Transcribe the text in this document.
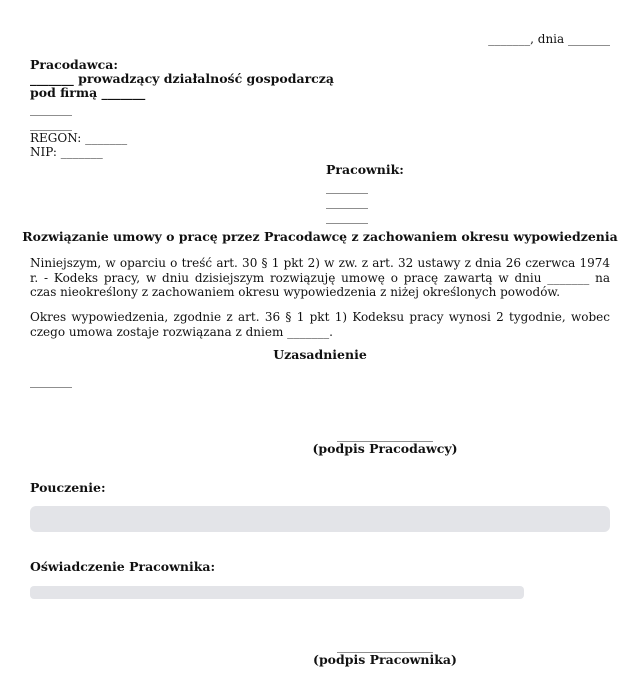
_______, dnia _______
Pracodawca:
_______ prowadzący działalność gospodarczą
pod firmą _______
_______
_______
REGON: _______
NIP: _______
Pracownik:
_______
_______
_______
Rozwiązanie umowy o pracę przez Pracodawcę z zachowaniem okresu wypowiedzenia
Niniejszym, w oparciu o treść art. 30 § 1 pkt 2) w zw. z art. 32 ustawy z dnia 26 czerwca 1974 r. - Kodeks pracy, w dniu dzisiejszym rozwiązuję umowę o pracę zawartą w dniu _______ na czas nieokreślony z zachowaniem okresu wypowiedzenia z niżej określonych powodów.
Okres wypowiedzenia, zgodnie z art. 36 § 1 pkt 1) Kodeksu pracy wynosi 2 tygodnie, wobec czego umowa zostaje rozwiązana z dniem _______.
Uzasadnienie
_______
________________
(podpis Pracodawcy)
Pouczenie:
Oświadczenie Pracownika:
________________
(podpis Pracownika)
